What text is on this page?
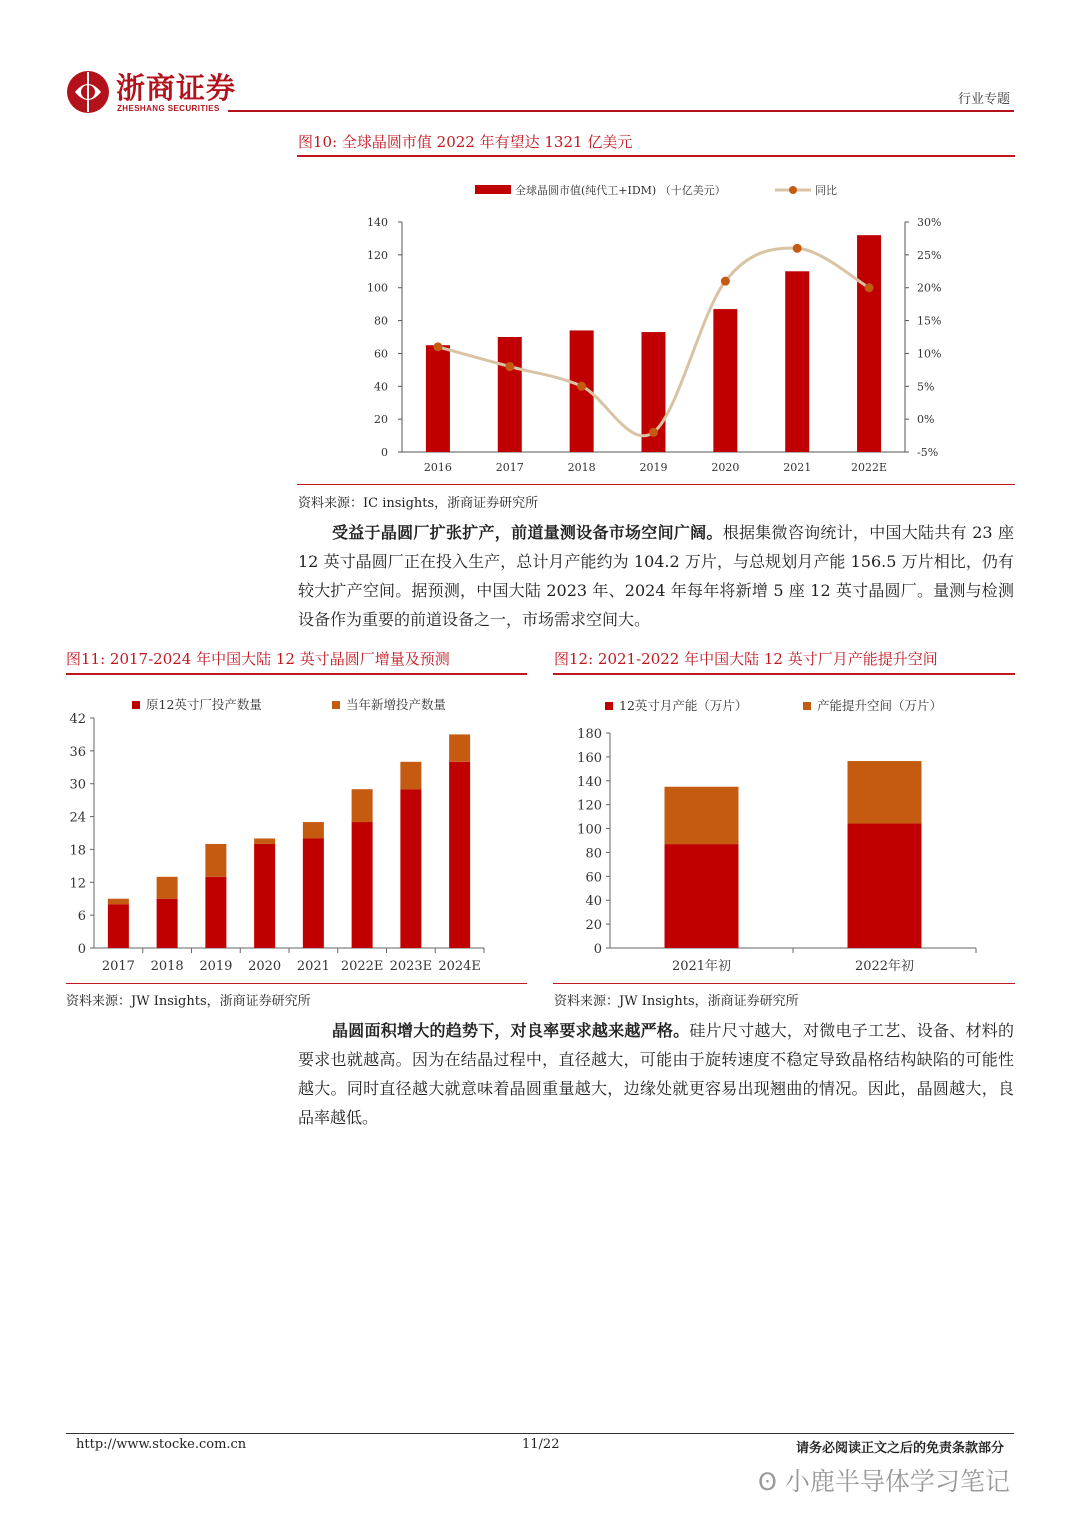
浙商证券
ZHESHANG SECURITIES
行业专题
图10: 全球晶圆市值 2022 年有望达 1321 亿美元
0
20
40
60
80
100
120
140
-5%
0%
5%
10%
15%
20%
25%
30%
2016	2017	2018	2019	2020	2021	2022E
全球晶圆市值(纯代工+IDM) （十亿美元）	同比
资料来源：IC insights，浙商证券研究所
受益于晶圆厂扩张扩产，前道量测设备市场空间广阔。根据集微咨询统计，中国大陆共有 23 座 12 英寸晶圆厂正在投入生产，总计月产能约为 104.2 万片，与总规划月产能 156.5 万片相比，仍有较大扩产空间。据预测，中国大陆 2023 年、2024 年每年将新增 5 座 12 英寸晶圆厂。量测与检测设备作为重要的前道设备之一，市场需求空间大。
图11: 2017-2024 年中国大陆 12 英寸晶圆厂增量及预测
0
6
12
18
24
30
36
42
2017 2018 2019 2020 2021 2022E 2023E 2024E
原12英寸厂投产数量	当年新增投产数量
资料来源：JW Insights，浙商证券研究所
图12: 2021-2022 年中国大陆 12 英寸厂月产能提升空间
0
20
40
60
80
100
120
140
160
180
2021年初	2022年初
12英寸月产能（万片）	产能提升空间（万片）
资料来源：JW Insights，浙商证券研究所
晶圆面积增大的趋势下，对良率要求越来越严格。硅片尺寸越大，对微电子工艺、设备、材料的要求也就越高。因为在结晶过程中，直径越大，可能由于旋转速度不稳定导致晶格结构缺陷的可能性越大。同时直径越大就意味着晶圆重量越大，边缘处就更容易出现翘曲的情况。因此，晶圆越大，良品率越低。
http://www.stocke.com.cn	11/22	请务必阅读正文之后的免责条款部分
ʘ 小鹿半导体学习笔记
